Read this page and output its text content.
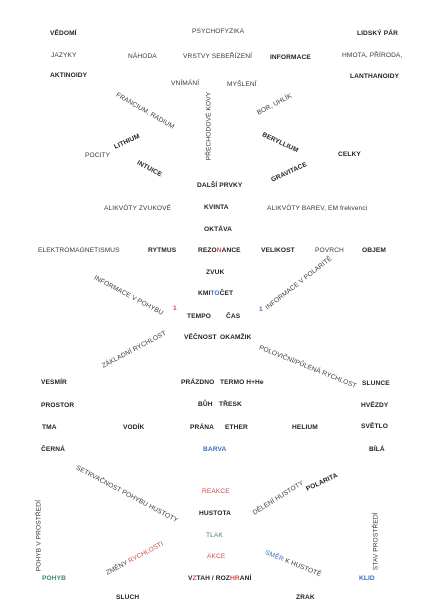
VĚDOMÍ	PSYCHOFYZIKA	LIDSKÝ PÁR
JAZYKY	NÁHODA	VRSTVY SEBEŘÍZENÍ	INFORMACE	HMOTA, PŘÍRODA,
AKTINOIDY	LANTHANOIDY
VNÍMÁNÍ	MYŠLENÍ
FRANCIUM, RADIUM	PŘECHODOVÉ KOVY	BOR, UHLÍK
LITHIUM	BERYLLIUM
POCITY
INTUICE	GRAVITACE
CELKY
DALŠÍ PRVKY
ALIKVÓTY ZVUKOVÉ	KVINTA	ALIKVÓTY BAREV, EM frekvenci
OKTÁVA
ELEKTROMAGNETISMUS	RYTMUS	REZONANCE	VELIKOST	POVRCH	OBJEM
ZVUK
INFORMACE V POHYBU 1
KMITOČET
1 INFORMACE V POLARITĚ
TEMPO ČAS
VĚČNOST OKAMŽIK
ZÁKLADNÍ RYCHLOST	POLOVIČNÍ/PŮLENÁ RYCHLOST
VESMÍR	PRÁZDNO TERMO H+He	SLUNCE
PROSTOR	BŮH TŘESK	HVĚZDY
TMA	VODÍK	PRÁNA ETHER	HELIUM	SVĚTLO
ČERNÁ	BARVA	BÍLÁ
SETRVAČNOST POHYBU HUSTOTY	POLARITA
POHYB V PROSTŘEDÍ
REAKCE	DĚLENÍ HUSTOTY
STAV PROSTŘEDÍ
HUSTOTA
TLAK
ZMĚNY RYCHLOSTI	AKCE	SMĚR K HUSTOTĚ
POHYB	VZTAH / ROZHRANÍ	KLID
SLUCH	ZRAK
